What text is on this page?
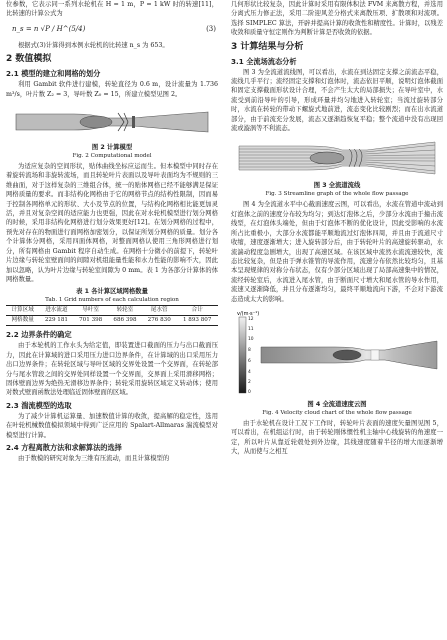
位参数，它表示同一系列水轮机在 H = 1 m，P = 1 kW 时的转速[11]，比转速的计算公式为

n_s = n √P / H^(5/4)	(3)

根据式(3)计算得到本例水轮机的比转速 n_s 为 653。

2 数值模拟
2.1 模型的建立和网格的划分

利用 Gambit 软件进行建模，转轮直径为 0.6 m，设计流量为 1.736 m³/s，叶片数 Z₂ = 3，导叶数 Z₀ = 15，所建立模型见图 2。

图 2 计算模型
Fig. 2 Computational model

为适应复杂的空间形状，贴体曲线坐标应运而生。但本模型中同时存在着旋转流场和非旋转流场，而且转轮叶片表面以及导叶表面均为不规则的三维曲面，对于这样复杂的三维组合体，统一的贴体网格已经不能够满足保证网格质量的要求。而非结构化网格由于它的网格节点的结构性限制，因而易于控制各网格单元的形状、大小及节点的位置，与结构化网格相比能更加灵活，并且对复杂空间的适应能力也更强，因此在对水轮机模型进行划分网格的时候，采用非结构化网格进行划分效果更好[12]。在划分网格的过程中，预先对存在的物面进行面网格加密划分，以保证所划分网格的质量。划分各个计算体分网格，采用四面体网格，对整面网格认使用三角形网格进行划分，所有网格由 Gambit 程序自动生成。在网格十分微小的前提下，转轮叶片边缘与转轮室壁面间的间隙对机组能量性能和水力性能的影响不大，因此加以忽略，认为叶片边缘与转轮室间隙为 0 mm。表 1 为各部分计算体的体网格数量。

表 1 各计算区域网格数量
Tab. 1 Grid numbers of each calculation region
计算区域	进水流道	导叶室	转轮室	尾水管	合计
网格数量	229 181	701 398	686 398	276 830	1 893 807
2.2 边界条件的确定

由于本轮机的工作水头为给定值，即装置进口截面的压力与出口截面压力，因此在计算域的进口采用压力进口边界条件，在计算域的出口采用压力出口边界条件；在转轮区域与导叶区域的交界处设置一个交界面，在转轮部分与尾水管段之间的交界处同样设置一个交界面，交界面上采用滑移网格；固体壁面边界为绝热无滑移边界条件；转轮采用旋转区域定义转动体；使用对数式壁面函数法处理临近固体壁面的区域。

2.3 湍流模型的选取

为了减少计算机运算量、加速数值计算的收敛，提高解的稳定性，选用在叶轮机械数值模拟领域中得到广泛应用的 Spalart-Allmaras 湍流模型对模型进行计算。

2.4 方程离散方法和求解算法的选择

由于数模的研究对象为三维有压流动，而且计算模型的

几何形状比较复杂，因此计算时采用有限体积法 FVM 来离散方程，并选用分离式压力修正法，采用二阶迎风差分格式来离散压项、扩散项和对流项。选择 SIMPLEC 算法，开辟并提高计算的收敛性和精度性。计算时，以残差收敛和质量守恒定则作为判断计算是否收敛的依据。

3 计算结果与分析
3.1 全流场流态分析

图 3 为全流道流线图，可以看出，水流在到达固定支撑之前流态平稳，流线几乎平行；流经固定支撑和灯泡体时，流态依旧平顺，说明灯泡体截面和固定支撑截面形状设计合理，不会产生太大的局部损失；在导叶室中，水流受到前沿导叶的引导，形成环量并均匀地进入转轮室；当流过旋转部分时，水流在转轮的带动下螺旋式地前进，流态变化比较剧烈；而在出水流道部分，由于前流充分发展，流态又逐渐趋恢复平稳；整个流道中没有出现回流或漩涡等不利流态。

图 3 全流道流线
Fig. 3 Streamline graph of the whole flow passage

图 4 为全流道水平中心截面速度云图，可以看出，水流在管道中流动到灯泡体之前的速度分布较为均匀；到达灯泡体之后，少部分水流由于撞击流线型，在灯泡体头端处，但由于灯泡体不断的优化设计，因此受影响的水流所占比重极小，大部分水流都能平顺地流过灯泡体四周，并且由于流道尺寸收缩，速度逐渐增大；进入旋转部分后，由于转轮叶片的高速旋转驱动，水流湍动程度急剧增大，出现了高速区域。在该区域中流然水流流速较快，流态比较复杂，但是由于弹水锥管的导流作用，流速分布依然比较均匀，且基本呈现规律的对称分布状态，仅有少部分区域出现了局部高速集中的情况，流经转轮室后，水流进入尾水管，由于断面尺寸增大和尾水管的导水作用，流速又逐渐降低，并且分布逐渐均匀，最终平顺地流向下游，不会对下游流态造成太大的影响。

v/(m·s⁻¹)
12
11
10
8
6
4
2
0
图 4 全流道速度云图
Fig. 4 Velocity cloud chart of the whole flow passage

由于水轮机在设计工况下工作时，转轮叶片表面的速度矢量图见图 5，可以看出，在机组运行时，由于转轮刚体惯性机主轴中心线旋转的角速度一定，所以叶片从靠近轮毂处到外边缘，其线速度随着半径的增大而逐渐增大，从而使与之相互
